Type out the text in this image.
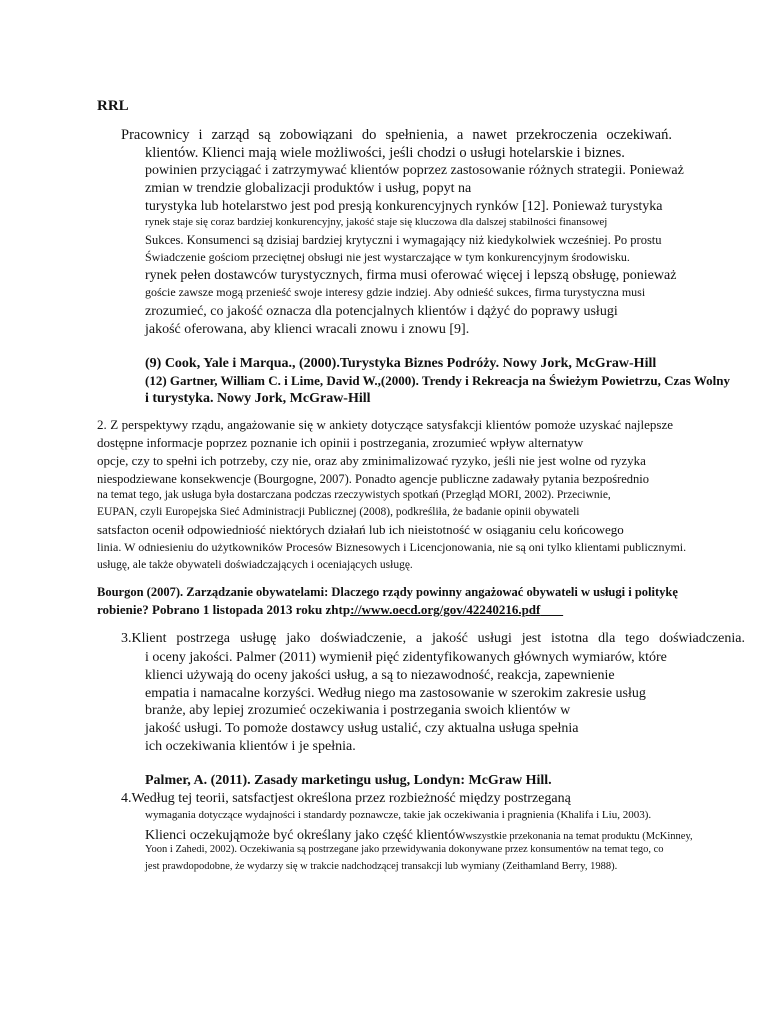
RRL
Pracownicy i zarząd są zobowiązani do spełnienia, a nawet przekroczenia oczekiwań.
klientów. Klienci mają wiele możliwości, jeśli chodzi o usługi hotelarskie i biznes.
powinien przyciągać i zatrzymywać klientów poprzez zastosowanie różnych strategii. Ponieważ
zmian w trendzie globalizacji produktów i usług, popyt na
turystyka lub hotelarstwo jest pod presją konkurencyjnych rynków [12]. Ponieważ turystyka
rynek staje się coraz bardziej konkurencyjny, jakość staje się kluczowa dla dalszej stabilności finansowej
Sukces. Konsumenci są dzisiaj bardziej krytyczni i wymagający niż kiedykolwiek wcześniej. Po prostu
Świadczenie gościom przeciętnej obsługi nie jest wystarczające w tym konkurencyjnym środowisku.
rynek pełen dostawców turystycznych, firma musi oferować więcej i lepszą obsługę, ponieważ
goście zawsze mogą przenieść swoje interesy gdzie indziej. Aby odnieść sukces, firma turystyczna musi
zrozumieć, co jakość oznacza dla potencjalnych klientów i dążyć do poprawy usługi
jakość oferowana, aby klienci wracali znowu i znowu [9].
(9) Cook, Yale i Marqua., (2000).Turystyka Biznes Podróży. Nowy Jork, McGraw-Hill
(12) Gartner, William C. i Lime, David W.,(2000). Trendy i Rekreacja na Świeżym Powietrzu, Czas Wolny
i turystyka. Nowy Jork, McGraw-Hill
2. Z perspektywy rządu, angażowanie się w ankiety dotyczące satysfakcji klientów pomoże uzyskać najlepsze
dostępne informacje poprzez poznanie ich opinii i postrzegania, zrozumieć wpływ alternatyw
opcje, czy to spełni ich potrzeby, czy nie, oraz aby zminimalizować ryzyko, jeśli nie jest wolne od ryzyka
niespodziewane konsekwencje (Bourgogne, 2007). Ponadto agencje publiczne zadawały pytania bezpośrednio
na temat tego, jak usługa była dostarczana podczas rzeczywistych spotkań (Przegląd MORI, 2002). Przeciwnie,
EUPAN, czyli Europejska Sieć Administracji Publicznej (2008), podkreśliła, że badanie opinii obywateli
satsfacton ocenił odpowiedniość niektórych działań lub ich nieistotność w osiąganiu celu końcowego
linia. W odniesieniu do użytkowników Procesów Biznesowych i Licencjonowania, nie są oni tylko klientami publicznymi.
usługę, ale także obywateli doświadczających i oceniających usługę.
Bourgon (2007). Zarządzanie obywatelami: Dlaczego rządy powinny angażować obywateli w usługi i politykę
robienie? Pobrano 1 listopada 2013 roku zhtp://www.oecd.org/gov/42240216.pdf
3.Klient postrzega usługę jako doświadczenie, a jakość usługi jest istotna dla tego doświadczenia.
i oceny jakości. Palmer (2011) wymienił pięć zidentyfikowanych głównych wymiarów, które
klienci używają do oceny jakości usług, a są to niezawodność, reakcja, zapewnienie
empatia i namacalne korzyści. Według niego ma zastosowanie w szerokim zakresie usług
branże, aby lepiej zrozumieć oczekiwania i postrzegania swoich klientów w
jakość usługi. To pomoże dostawcy usług ustalić, czy aktualna usługa spełnia
ich oczekiwania klientów i je spełnia.
Palmer, A. (2011). Zasady marketingu usług, Londyn: McGraw Hill.
4.Według tej teorii, satsfactjest określona przez rozbieżność między postrzeganą
wymagania dotyczące wydajności i standardy poznawcze, takie jak oczekiwania i pragnienia (Khalifa i Liu, 2003).
Klienci oczekująmoże być określany jako część klientówwszystkie przekonania na temat produktu (McKinney,
Yoon i Zahedi, 2002). Oczekiwania są postrzegane jako przewidywania dokonywane przez konsumentów na temat tego, co
jest prawdopodobne, że wydarzy się w trakcie nadchodzącej transakcji lub wymiany (Zeithamland Berry, 1988).
